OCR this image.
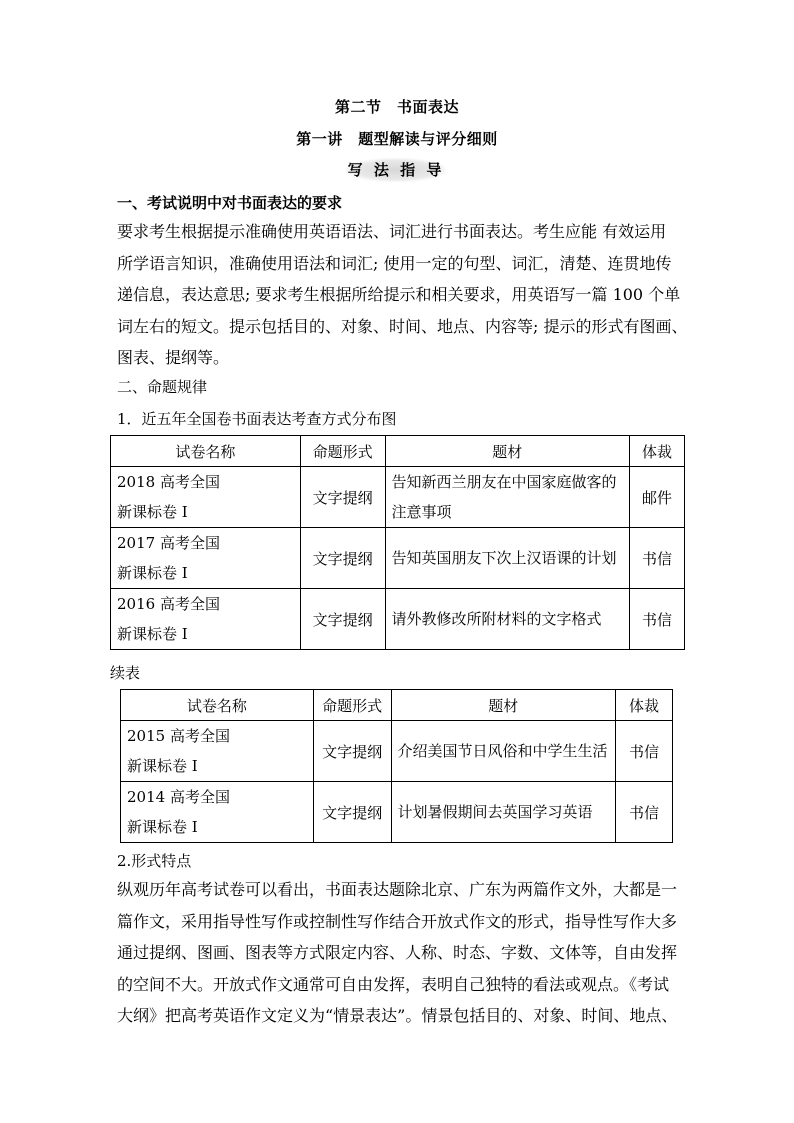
第二节　书面表达
第一讲　题型解读与评分细则
写 法 指 导
一、考试说明中对书面表达的要求
要求考生根据提示准确使用英语语法、词汇进行书面表达。考生应能 有效运用
所学语言知识，准确使用语法和词汇; 使用一定的句型、词汇，清楚、连贯地传
递信息，表达意思; 要求考生根据所给提示和相关要求，用英语写一篇 100 个单
词左右的短文。提示包括目的、对象、时间、地点、内容等; 提示的形式有图画、
图表、提纲等。
二、命题规律
1．近五年全国卷书面表达考查方式分布图
试卷名称	命题形式	题材	体裁

2018 高考全国
新课标卷 I	文字提纲	告知新西兰朋友在中国家庭做客的注意事项	邮件

2017 高考全国
新课标卷 I	文字提纲	告知英国朋友下次上汉语课的计划	书信

2016 高考全国
新课标卷 I	文字提纲	请外教修改所附材料的文字格式	书信
续表
试卷名称	命题形式	题材	体裁

2015 高考全国
新课标卷 I	文字提纲	介绍美国节日风俗和中学生生活	书信

2014 高考全国
新课标卷 I	文字提纲	计划暑假期间去英国学习英语	书信
2.形式特点
纵观历年高考试卷可以看出，书面表达题除北京、广东为两篇作文外，大都是一
篇作文，采用指导性写作或控制性写作结合开放式作文的形式，指导性写作大多
通过提纲、图画、图表等方式限定内容、人称、时态、字数、文体等，自由发挥
的空间不大。开放式作文通常可自由发挥，表明自己独特的看法或观点。《考试
大纲》把高考英语作文定义为“情景表达”。情景包括目的、对象、时间、地点、
